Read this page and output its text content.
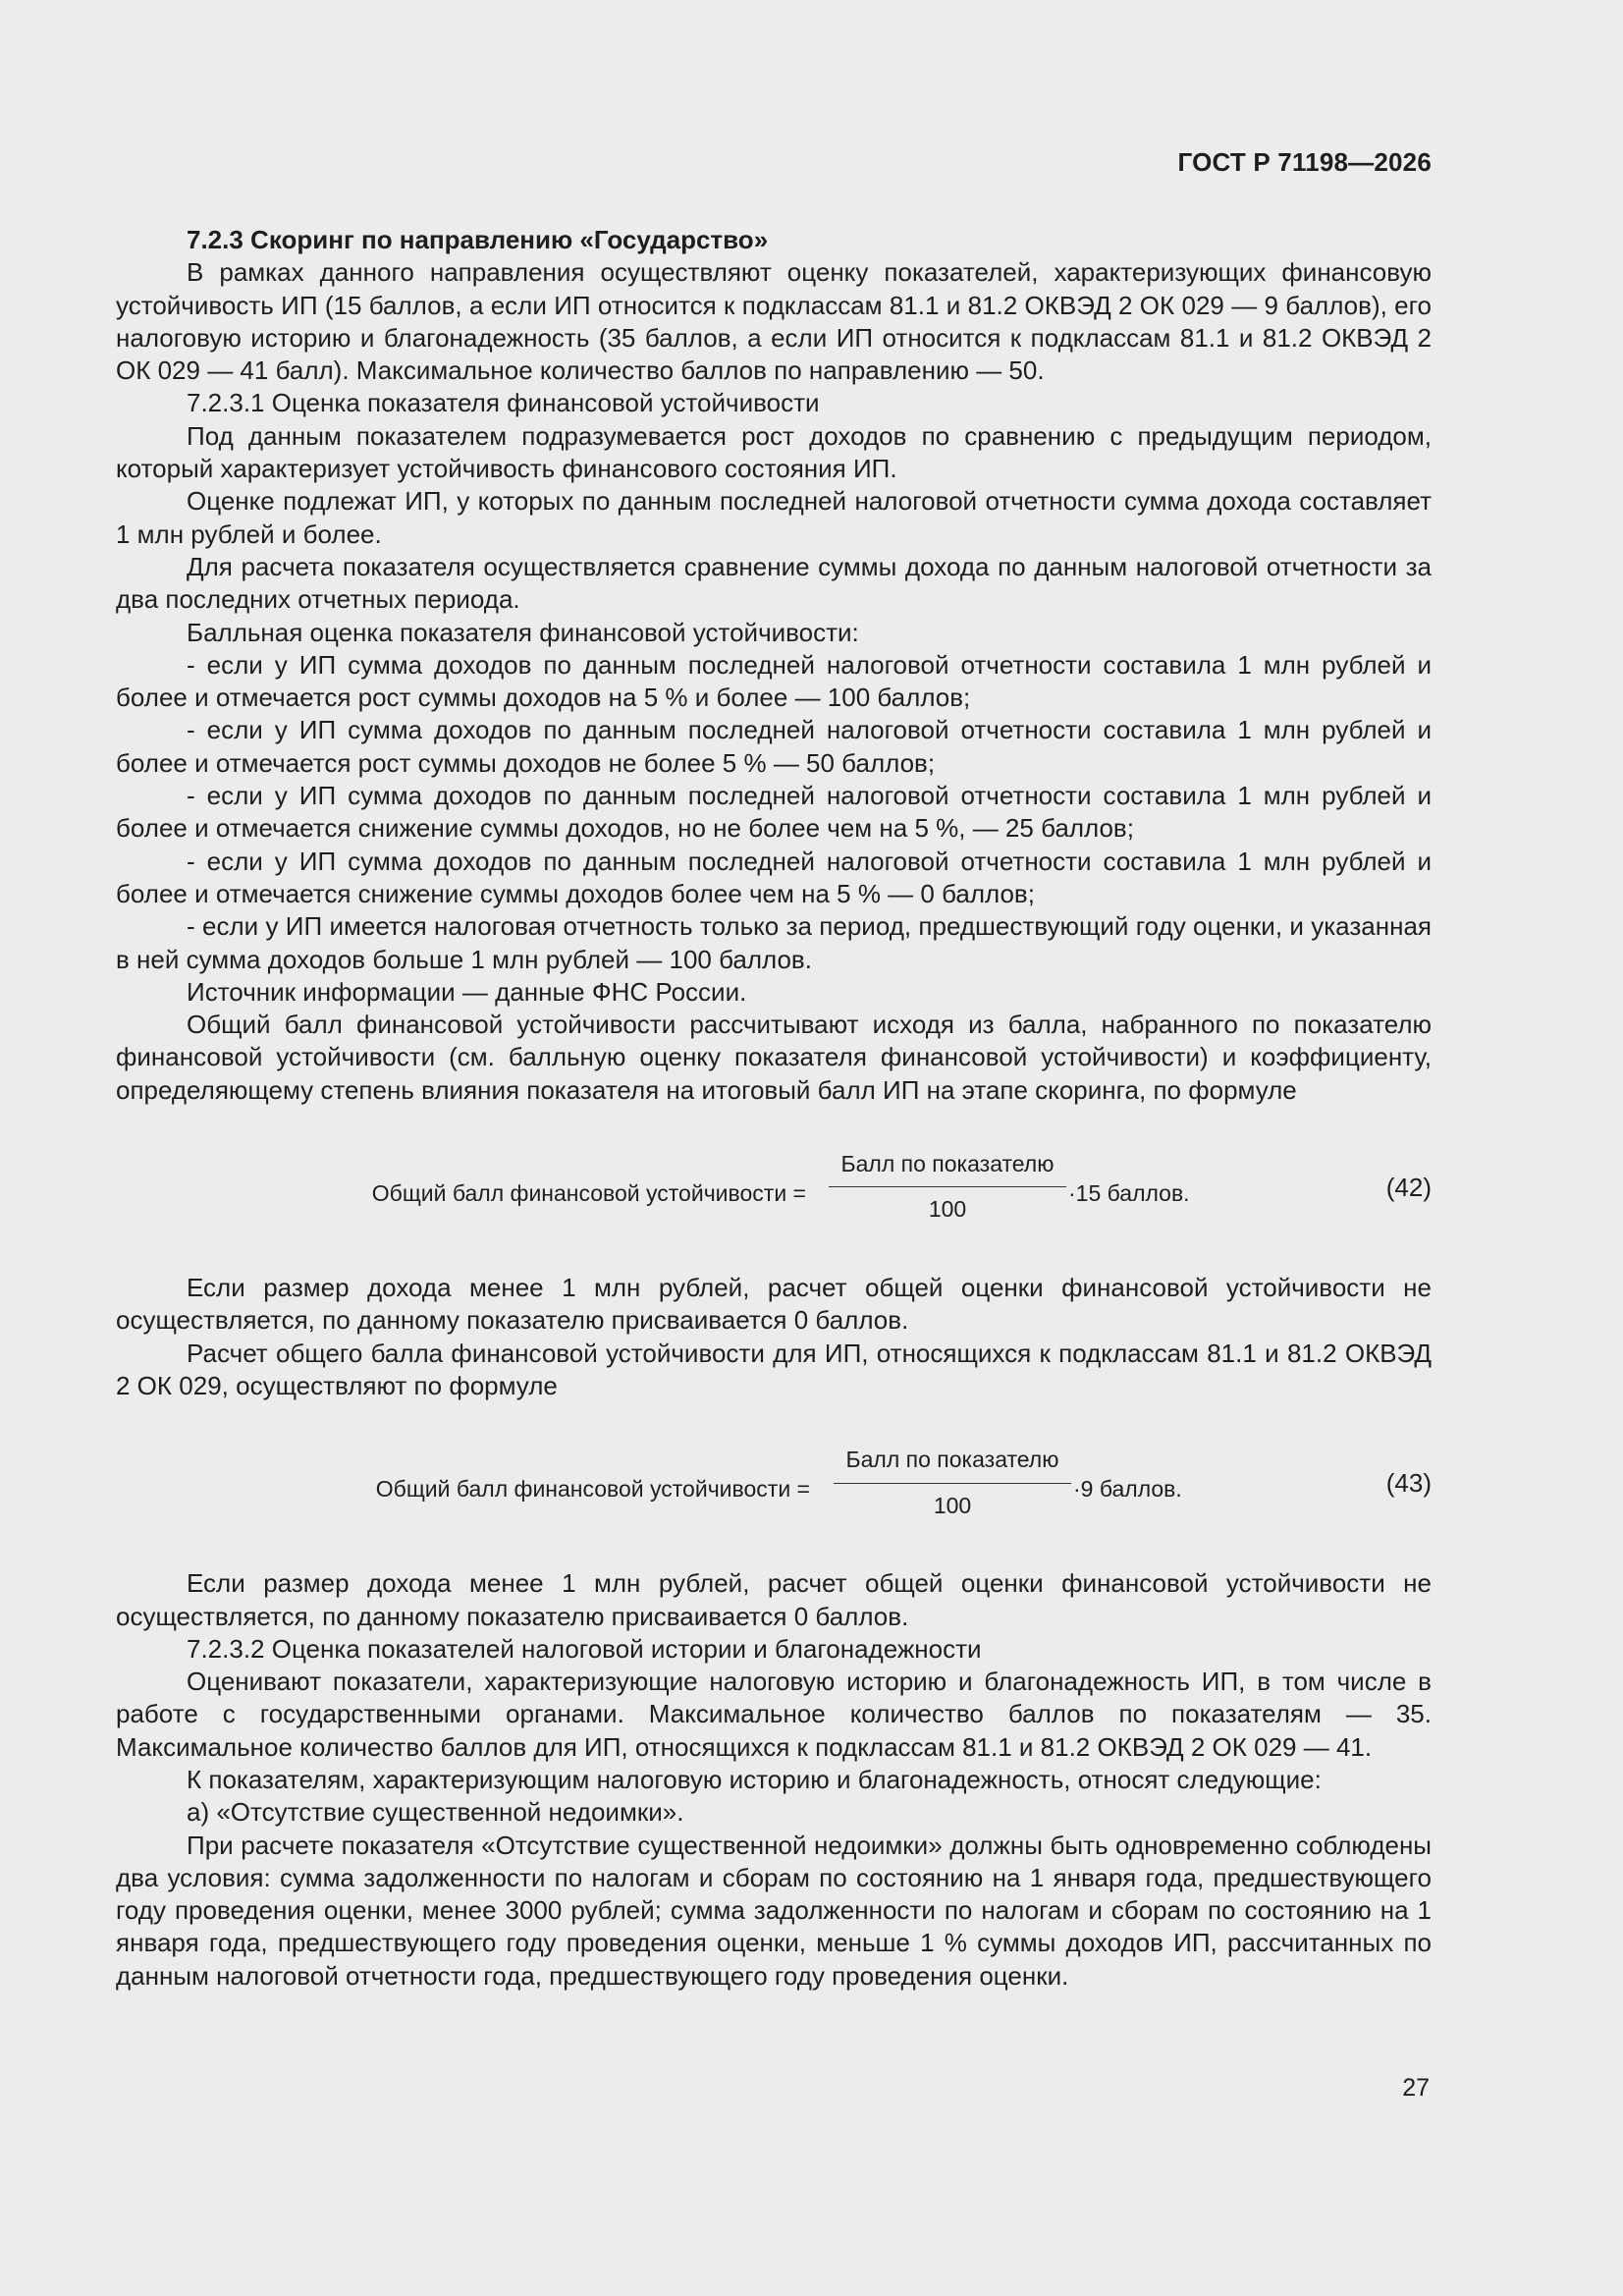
ГОСТ Р 71198—2026

7.2.3 Скоринг по направлению «Государство»

В рамках данного направления осуществляют оценку показателей, характеризующих финансовую устойчивость ИП (15 баллов, а если ИП относится к подклассам 81.1 и 81.2 ОКВЭД 2 ОК 029 — 9 баллов), его налоговую историю и благонадежность (35 баллов, а если ИП относится к подклассам 81.1 и 81.2 ОКВЭД 2 ОК 029 — 41 балл). Максимальное количество баллов по направлению — 50.

7.2.3.1 Оценка показателя финансовой устойчивости

Под данным показателем подразумевается рост доходов по сравнению с предыдущим периодом, который характеризует устойчивость финансового состояния ИП.

Оценке подлежат ИП, у которых по данным последней налоговой отчетности сумма дохода составляет 1 млн рублей и более.

Для расчета показателя осуществляется сравнение суммы дохода по данным налоговой отчетности за два последних отчетных периода.

Балльная оценка показателя финансовой устойчивости:

- если у ИП сумма доходов по данным последней налоговой отчетности составила 1 млн рублей и более и отмечается рост суммы доходов на 5 % и более — 100 баллов;

- если у ИП сумма доходов по данным последней налоговой отчетности составила 1 млн рублей и более и отмечается рост суммы доходов не более 5 % — 50 баллов;

- если у ИП сумма доходов по данным последней налоговой отчетности составила 1 млн рублей и более и отмечается снижение суммы доходов, но не более чем на 5 %, — 25 баллов;

- если у ИП сумма доходов по данным последней налоговой отчетности составила 1 млн рублей и более и отмечается снижение суммы доходов более чем на 5 % — 0 баллов;

- если у ИП имеется налоговая отчетность только за период, предшествующий году оценки, и указанная в ней сумма доходов больше 1 млн рублей — 100 баллов.

Источник информации — данные ФНС России.

Общий балл финансовой устойчивости рассчитывают исходя из балла, набранного по показателю финансовой устойчивости (см. балльную оценку показателя финансовой устойчивости) и коэффициенту, определяющему степень влияния показателя на итоговый балл ИП на этапе скоринга, по формуле

Общий балл финансовой устойчивости =
Балл по показателю
100
·15 баллов.	(42)

Если размер дохода менее 1 млн рублей, расчет общей оценки финансовой устойчивости не осуществляется, по данному показателю присваивается 0 баллов.

Расчет общего балла финансовой устойчивости для ИП, относящихся к подклассам 81.1 и 81.2 ОКВЭД 2 ОК 029, осуществляют по формуле

Общий балл финансовой устойчивости =
Балл по показателю
100
·9 баллов.	(43)

Если размер дохода менее 1 млн рублей, расчет общей оценки финансовой устойчивости не осуществляется, по данному показателю присваивается 0 баллов.

7.2.3.2 Оценка показателей налоговой истории и благонадежности

Оценивают показатели, характеризующие налоговую историю и благонадежность ИП, в том числе в работе с государственными органами. Максимальное количество баллов по показателям — 35. Максимальное количество баллов для ИП, относящихся к подклассам 81.1 и 81.2 ОКВЭД 2 ОК 029 — 41.

К показателям, характеризующим налоговую историю и благонадежность, относят следующие:

а) «Отсутствие существенной недоимки».

При расчете показателя «Отсутствие существенной недоимки» должны быть одновременно соблюдены два условия: сумма задолженности по налогам и сборам по состоянию на 1 января года, предшествующего году проведения оценки, менее 3000 рублей; сумма задолженности по налогам и сборам по состоянию на 1 января года, предшествующего году проведения оценки, меньше 1 % суммы доходов ИП, рассчитанных по данным налоговой отчетности года, предшествующего году проведения оценки.

27
